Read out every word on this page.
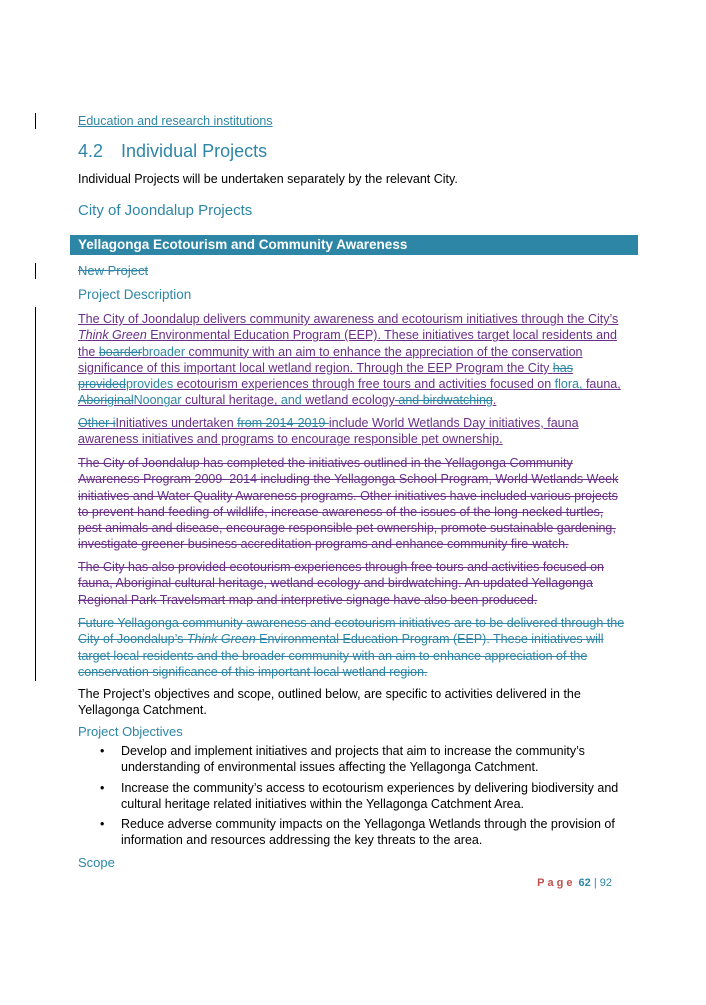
Education and research institutions

4.2 Individual Projects

Individual Projects will be undertaken separately by the relevant City.

City of Joondalup Projects

Yellagonga Ecotourism and Community Awareness

New Project

Project Description

The City of Joondalup delivers community awareness and ecotourism initiatives through the City’s Think Green Environmental Education Program (EEP). These initiatives target local residents and the boarderbroader community with an aim to enhance the appreciation of the conservation significance of this important local wetland region. Through the EEP Program the City has providedprovides ecotourism experiences through free tours and activities focused on flora, fauna, AboriginalNoongar cultural heritage, and wetland ecology and birdwatching.

Other iInitiatives undertaken from 2014-2019 include World Wetlands Day initiatives, fauna awareness initiatives and programs to encourage responsible pet ownership.

The City of Joondalup has completed the initiatives outlined in the Yellagonga Community Awareness Program 2009–2014 including the Yellagonga School Program, World Wetlands Week initiatives and Water Quality Awareness programs. Other initiatives have included various projects to prevent hand feeding of wildlife, increase awareness of the issues of the long-necked turtles, pest animals and disease, encourage responsible pet ownership, promote sustainable gardening, investigate greener business accreditation programs and enhance community fire-watch.

The City has also provided ecotourism experiences through free tours and activities focused on fauna, Aboriginal cultural heritage, wetland ecology and birdwatching. An updated Yellagonga Regional Park Travelsmart map and interpretive signage have also been produced.

Future Yellagonga community awareness and ecotourism initiatives are to be delivered through the City of Joondalup’s Think Green Environmental Education Program (EEP). These initiatives will target local residents and the broader community with an aim to enhance appreciation of the conservation significance of this important local wetland region.

The Project’s objectives and scope, outlined below, are specific to activities delivered in the Yellagonga Catchment.

Project Objectives

• Develop and implement initiatives and projects that aim to increase the community’s understanding of environmental issues affecting the Yellagonga Catchment.
• Increase the community’s access to ecotourism experiences by delivering biodiversity and cultural heritage related initiatives within the Yellagonga Catchment Area.
• Reduce adverse community impacts on the Yellagonga Wetlands through the provision of information and resources addressing the key threats to the area.

Scope

Page 62 | 92
